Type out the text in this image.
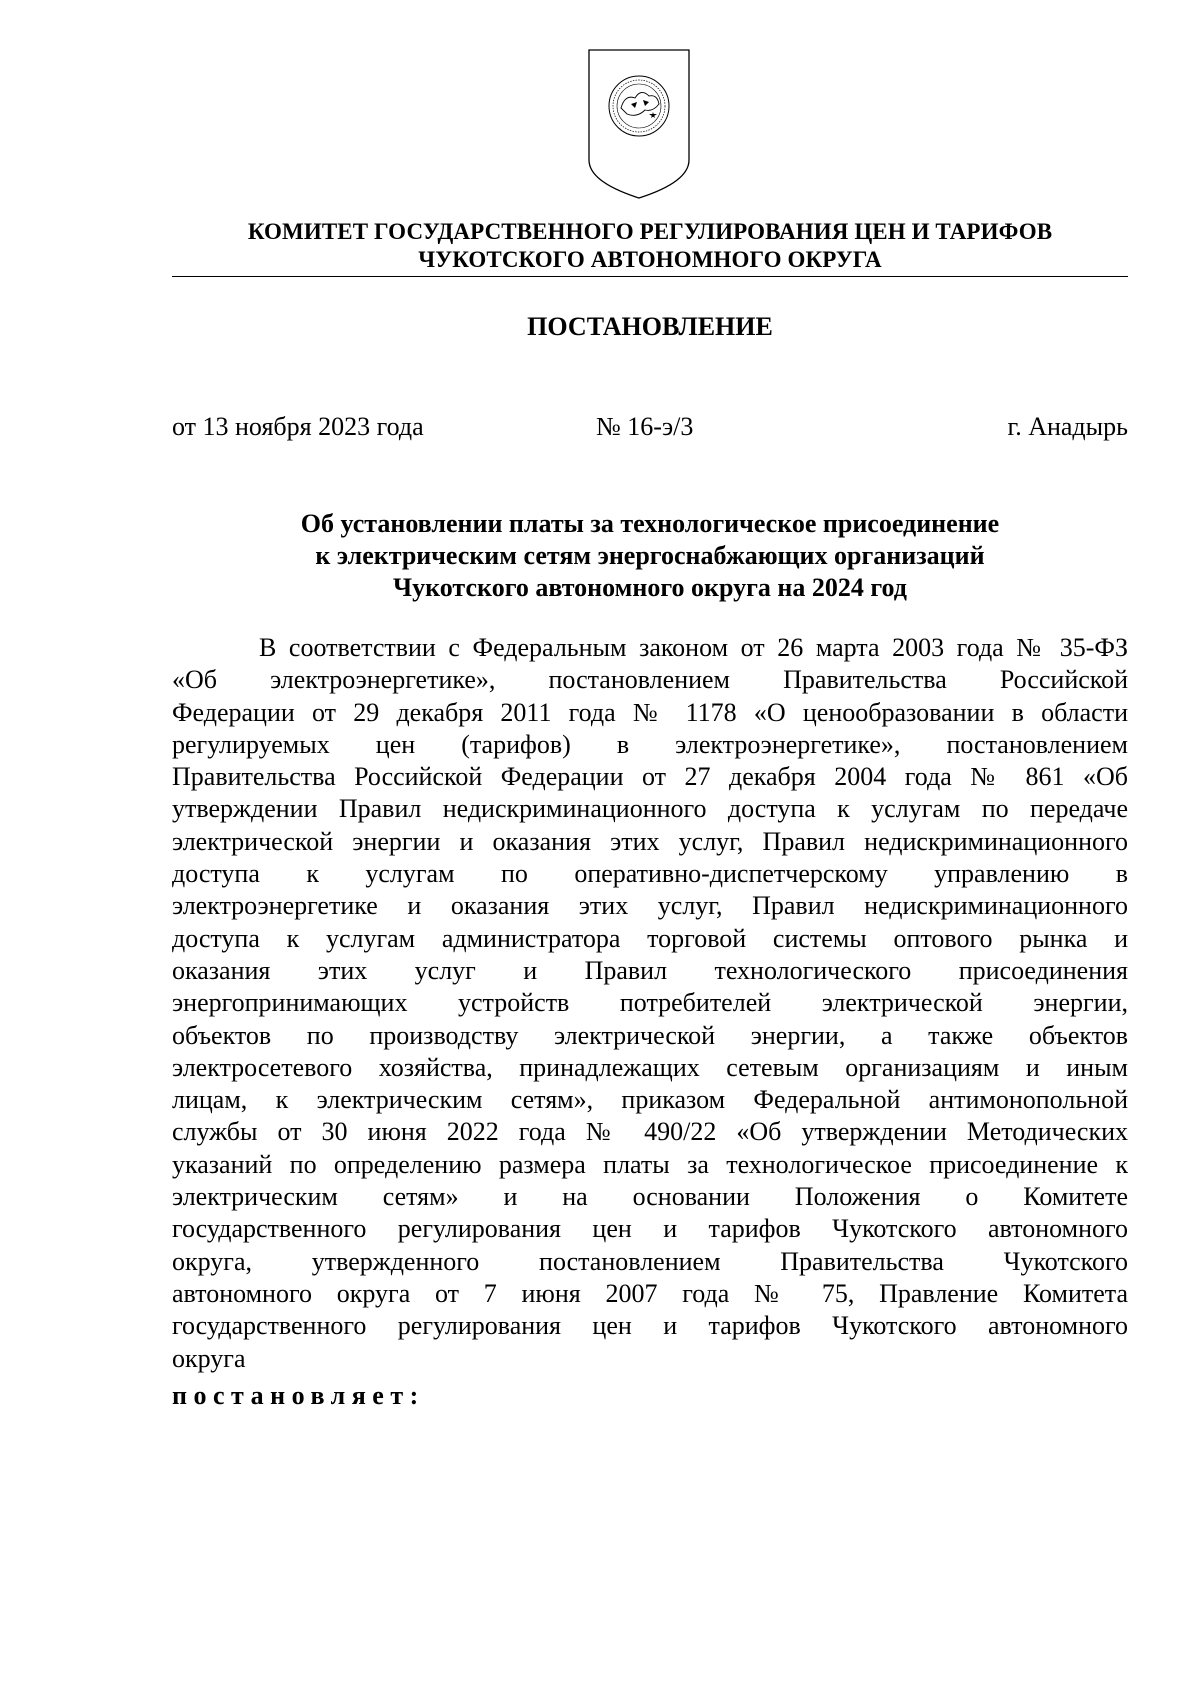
КОМИТЕТ ГОСУДАРСТВЕННОГО РЕГУЛИРОВАНИЯ ЦЕН И ТАРИФОВ
ЧУКОТСКОГО АВТОНОМНОГО ОКРУГА
ПОСТАНОВЛЕНИЕ
от 13 ноября 2023 года	№ 16-э/3	г. Анадырь
Об установлении платы за технологическое присоединение
к электрическим сетям энергоснабжающих организаций
Чукотского автономного округа на 2024 год
В соответствии с Федеральным законом от 26 марта 2003 года № 35-ФЗ
«Об электроэнергетике», постановлением Правительства Российской
Федерации от 29 декабря 2011 года № 1178 «О ценообразовании в области
регулируемых цен (тарифов) в электроэнергетике», постановлением
Правительства Российской Федерации от 27 декабря 2004 года № 861 «Об
утверждении Правил недискриминационного доступа к услугам по передаче
электрической энергии и оказания этих услуг, Правил недискриминационного
доступа к услугам по оперативно-диспетчерскому управлению в
электроэнергетике и оказания этих услуг, Правил недискриминационного
доступа к услугам администратора торговой системы оптового рынка и
оказания этих услуг и Правил технологического присоединения
энергопринимающих устройств потребителей электрической энергии,
объектов по производству электрической энергии, а также объектов
электросетевого хозяйства, принадлежащих сетевым организациям и иным
лицам, к электрическим сетям», приказом Федеральной антимонопольной
службы от 30 июня 2022 года № 490/22 «Об утверждении Методических
указаний по определению размера платы за технологическое присоединение к
электрическим сетям» и на основании Положения о Комитете
государственного регулирования цен и тарифов Чукотского автономного
округа, утвержденного постановлением Правительства Чукотского
автономного округа от 7 июня 2007 года № 75, Правление Комитета
государственного регулирования цен и тарифов Чукотского автономного
округа
постановляет:
